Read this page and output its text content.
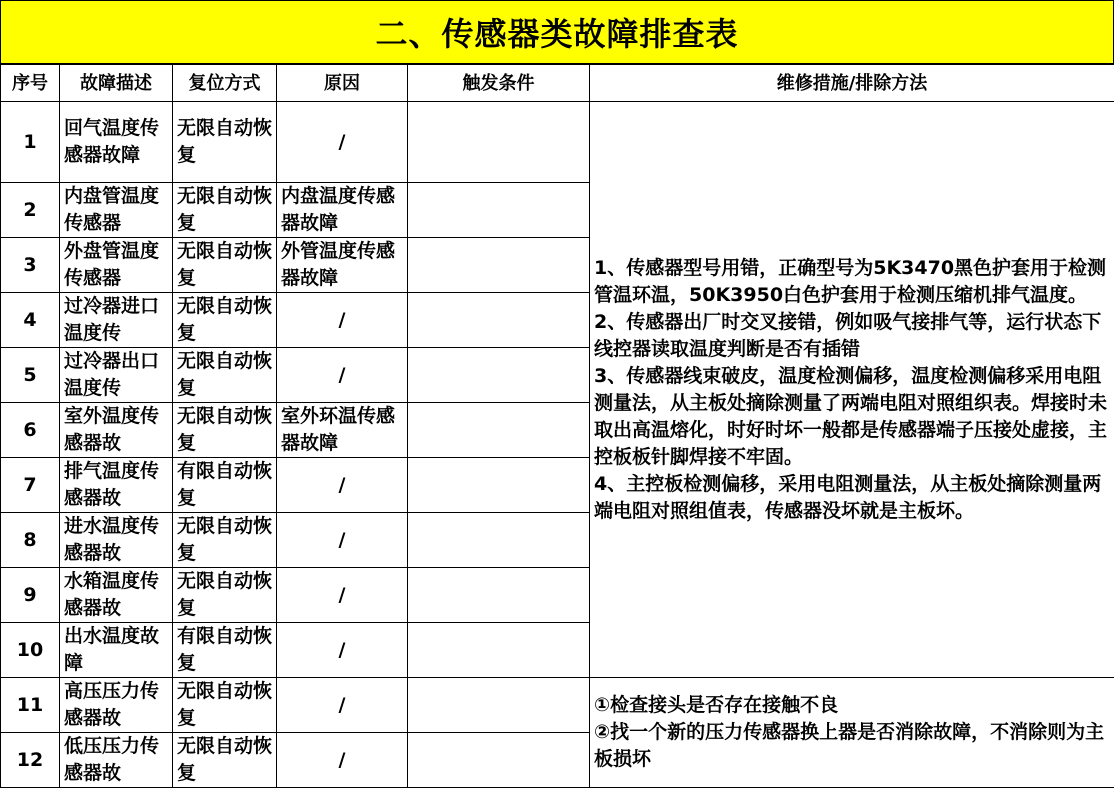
二、传感器类故障排查表
序号	故障描述	复位方式	原因	触发条件	维修措施/排除方法
1	回气温度传感器故障	无限自动恢复	/		1、传感器型号用错，正确型号为5K3470黑色护套用于检测管温环温，50K3950白色护套用于检测压缩机排气温度。
2、传感器出厂时交叉接错，例如吸气接排气等，运行状态下线控器读取温度判断是否有插错
3、传感器线束破皮，温度检测偏移，温度检测偏移采用电阻测量法，从主板处摘除测量了两端电阻对照组织表。焊接时未取出高温熔化，时好时坏一般都是传感器端子压接处虚接，主控板板针脚焊接不牢固。
4、主控板检测偏移，采用电阻测量法，从主板处摘除测量两端电阻对照组值表，传感器没坏就是主板坏。

2	内盘管温度传感器	无限自动恢复	内盘温度传感器故障		
3	外盘管温度传感器	无限自动恢复	外管温度传感器故障		
4	过冷器进口温度传	无限自动恢复	/		
5	过冷器出口温度传	无限自动恢复	/		
6	室外温度传感器故	无限自动恢复	室外环温传感器故障		
7	排气温度传感器故	有限自动恢复	/		
8	进水温度传感器故	无限自动恢复	/		
9	水箱温度传感器故	无限自动恢复	/		
10	出水温度故障	有限自动恢复	/		
11	高压压力传感器故	无限自动恢复	/		①检查接头是否存在接触不良
②找一个新的压力传感器换上器是否消除故障，不消除则为主板损坏

12	低压压力传感器故	无限自动恢复	/		
